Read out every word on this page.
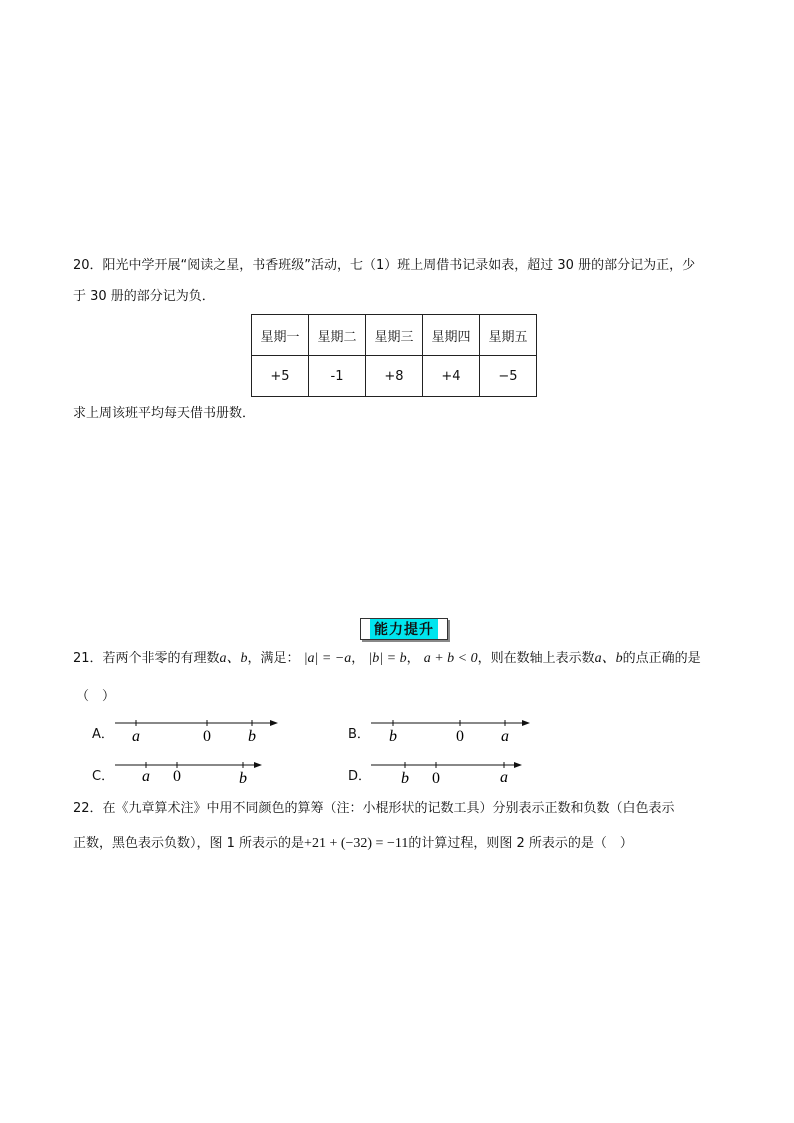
20．阳光中学开展“阅读之星，书香班级”活动，七（1）班上周借书记录如表，超过 30 册的部分记为正，少
于 30 册的部分记为负．
星期一	星期二	星期三	星期四	星期五
+5	-1	+8	+4	−5
求上周该班平均每天借书册数．
能力提升
21．若两个非零的有理数a、b，满足： |a| = −a， |b| = b， a + b < 0，则在数轴上表示数a、b的点正确的是
（　）
A． a	0 b	B． b	0 a
C． a 0	b	D． b 0	a
22．在《九章算术注》中用不同颜色的算筹（注：小棍形状的记数工具）分别表示正数和负数（白色表示
正数，黑色表示负数），图 1 所表示的是+21 + (−32) = −11的计算过程，则图 2 所表示的是（　）
